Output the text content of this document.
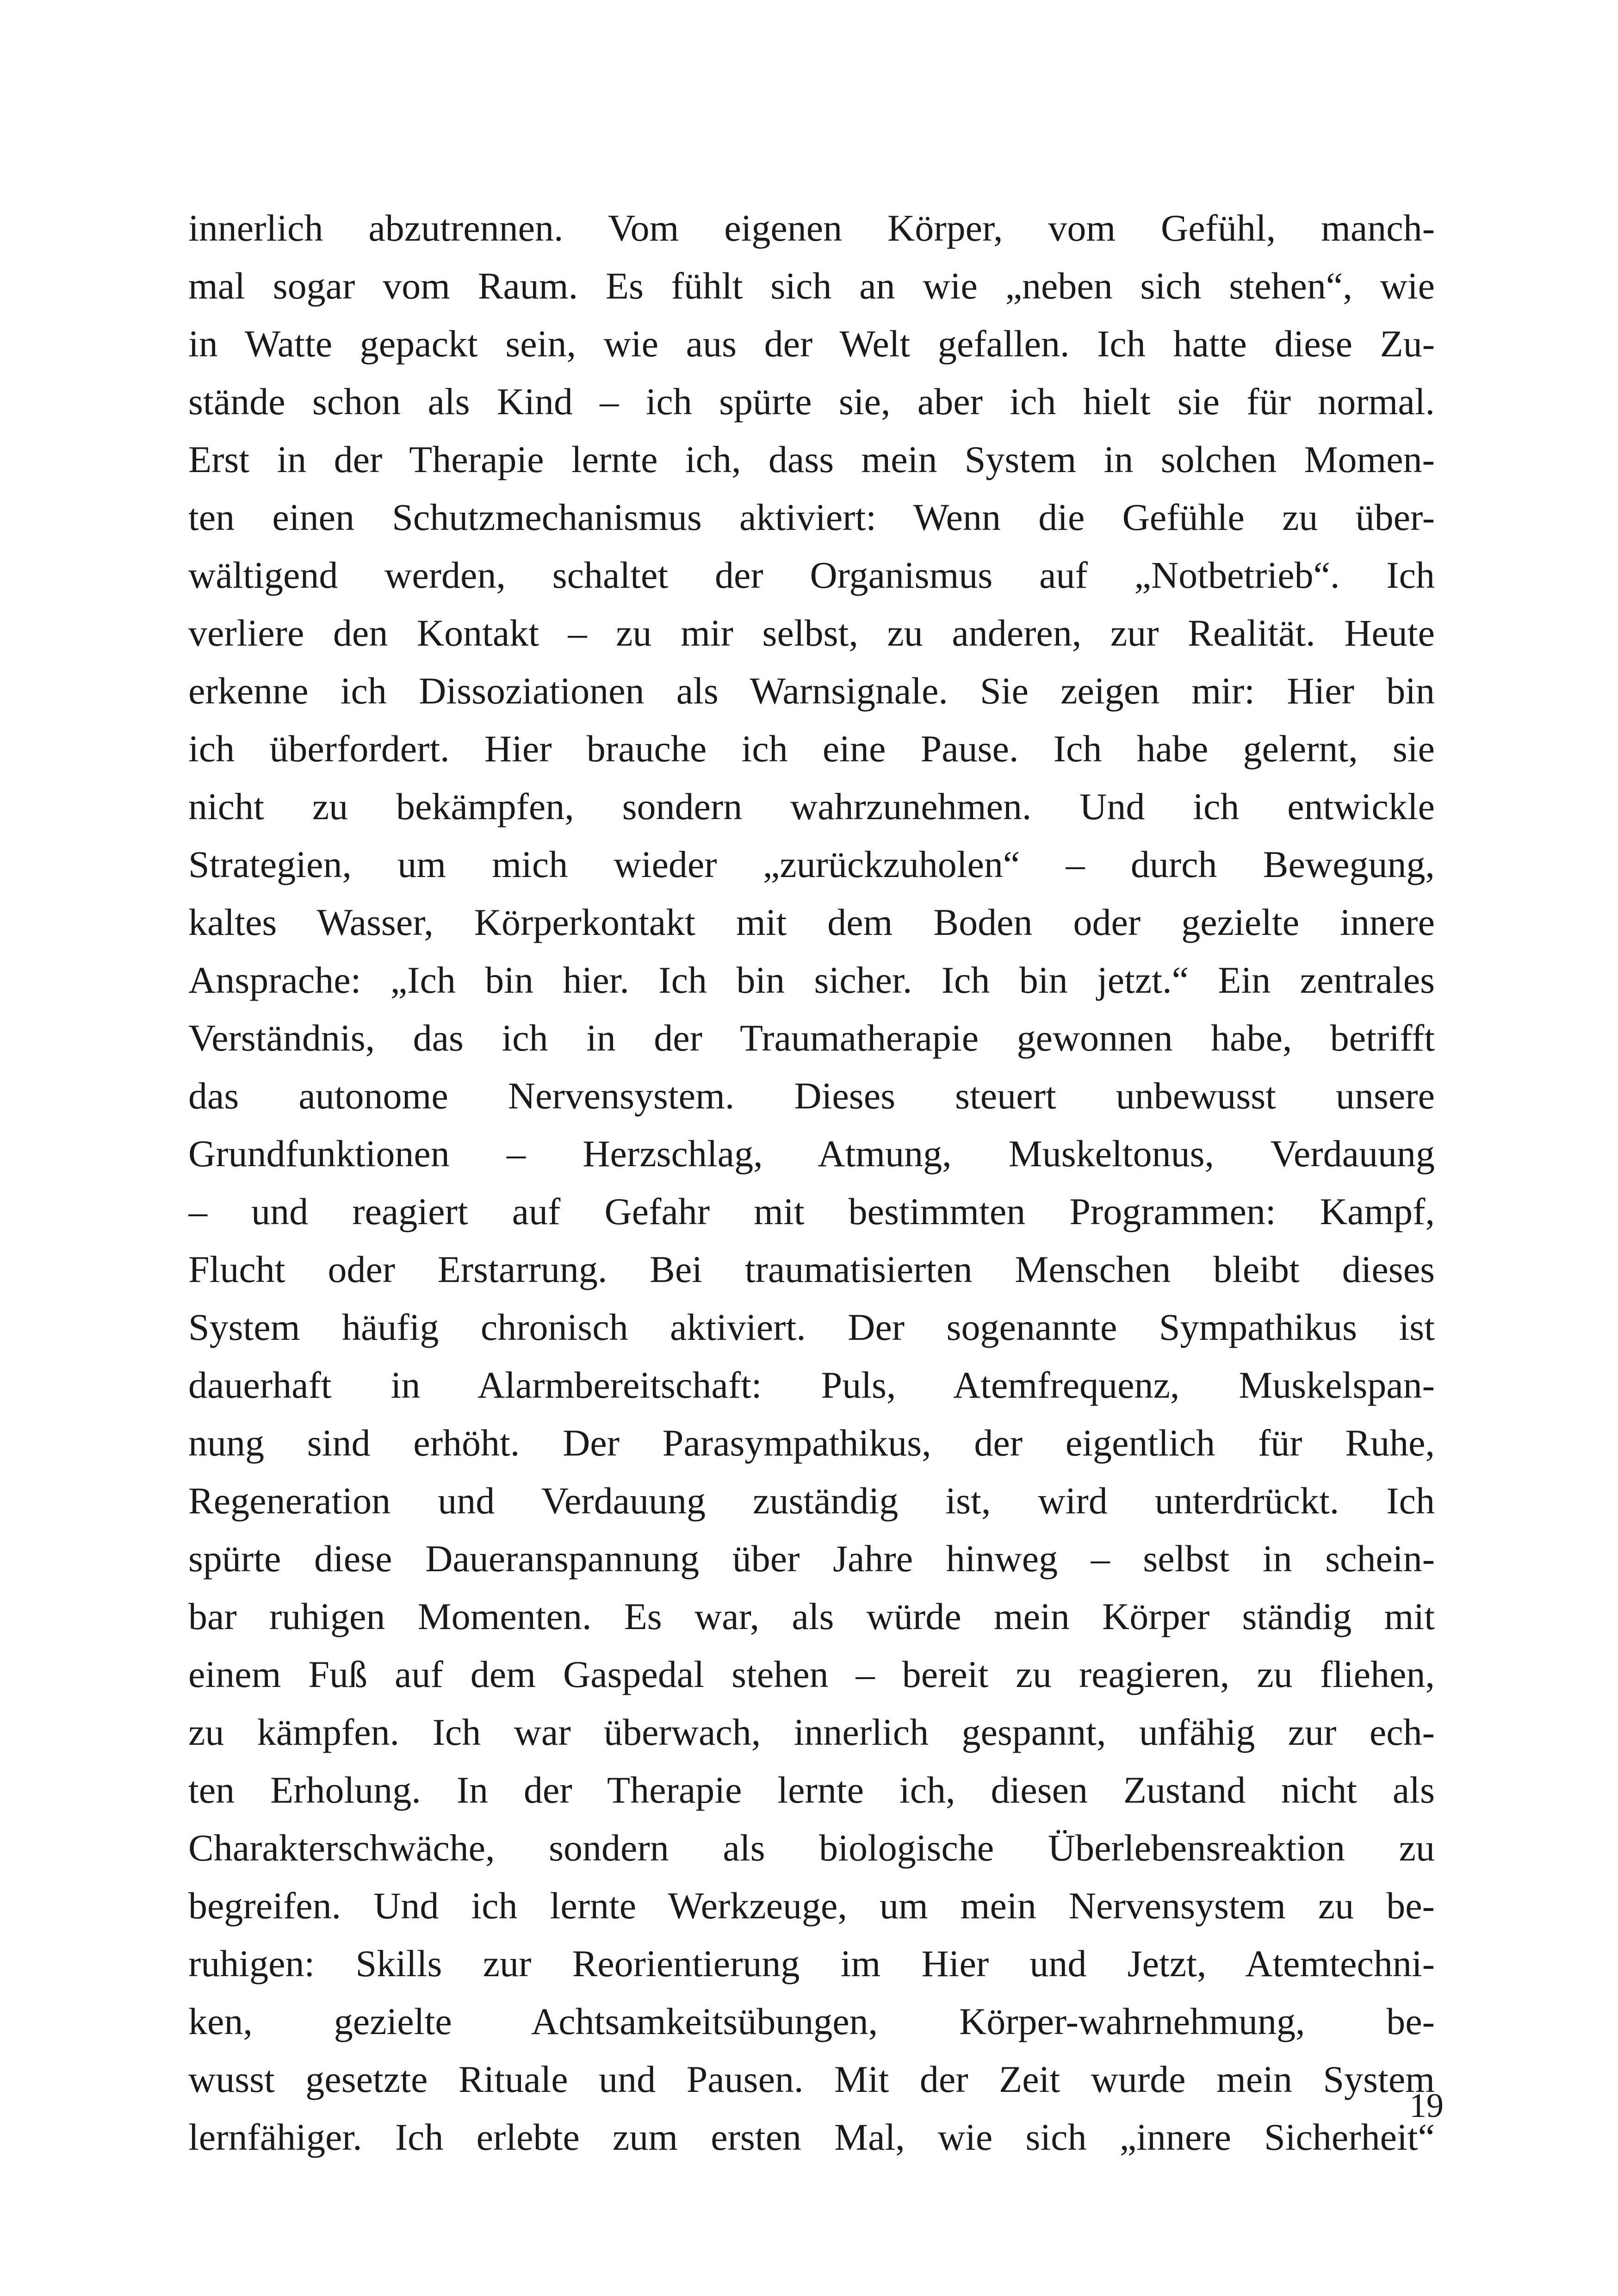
innerlich abzutrennen. Vom eigenen Körper, vom Gefühl, manch-
mal sogar vom Raum. Es fühlt sich an wie „neben sich stehen“, wie
in Watte gepackt sein, wie aus der Welt gefallen. Ich hatte diese Zu-
stände schon als Kind – ich spürte sie, aber ich hielt sie für normal.
Erst in der Therapie lernte ich, dass mein System in solchen Momen-
ten einen Schutzmechanismus aktiviert: Wenn die Gefühle zu über-
wältigend werden, schaltet der Organismus auf „Notbetrieb“. Ich
verliere den Kontakt – zu mir selbst, zu anderen, zur Realität. Heute
erkenne ich Dissoziationen als Warnsignale. Sie zeigen mir: Hier bin
ich überfordert. Hier brauche ich eine Pause. Ich habe gelernt, sie
nicht zu bekämpfen, sondern wahrzunehmen. Und ich entwickle
Strategien, um mich wieder „zurückzuholen“ – durch Bewegung,
kaltes Wasser, Körperkontakt mit dem Boden oder gezielte innere
Ansprache: „Ich bin hier. Ich bin sicher. Ich bin jetzt.“ Ein zentrales
Verständnis, das ich in der Traumatherapie gewonnen habe, betrifft
das autonome Nervensystem. Dieses steuert unbewusst unsere
Grundfunktionen – Herzschlag, Atmung, Muskeltonus, Verdauung
– und reagiert auf Gefahr mit bestimmten Programmen: Kampf,
Flucht oder Erstarrung. Bei traumatisierten Menschen bleibt dieses
System häufig chronisch aktiviert. Der sogenannte Sympathikus ist
dauerhaft in Alarmbereitschaft: Puls, Atemfrequenz, Muskelspan-
nung sind erhöht. Der Parasympathikus, der eigentlich für Ruhe,
Regeneration und Verdauung zuständig ist, wird unterdrückt. Ich
spürte diese Daueranspannung über Jahre hinweg – selbst in schein-
bar ruhigen Momenten. Es war, als würde mein Körper ständig mit
einem Fuß auf dem Gaspedal stehen – bereit zu reagieren, zu fliehen,
zu kämpfen. Ich war überwach, innerlich gespannt, unfähig zur ech-
ten Erholung. In der Therapie lernte ich, diesen Zustand nicht als
Charakterschwäche, sondern als biologische Überlebensreaktion zu
begreifen. Und ich lernte Werkzeuge, um mein Nervensystem zu be-
ruhigen: Skills zur Reorientierung im Hier und Jetzt, Atemtechni-
ken, gezielte Achtsamkeitsübungen, Körper-wahrnehmung, be-
wusst gesetzte Rituale und Pausen. Mit der Zeit wurde mein System
lernfähiger. Ich erlebte zum ersten Mal, wie sich „innere Sicherheit“
19
